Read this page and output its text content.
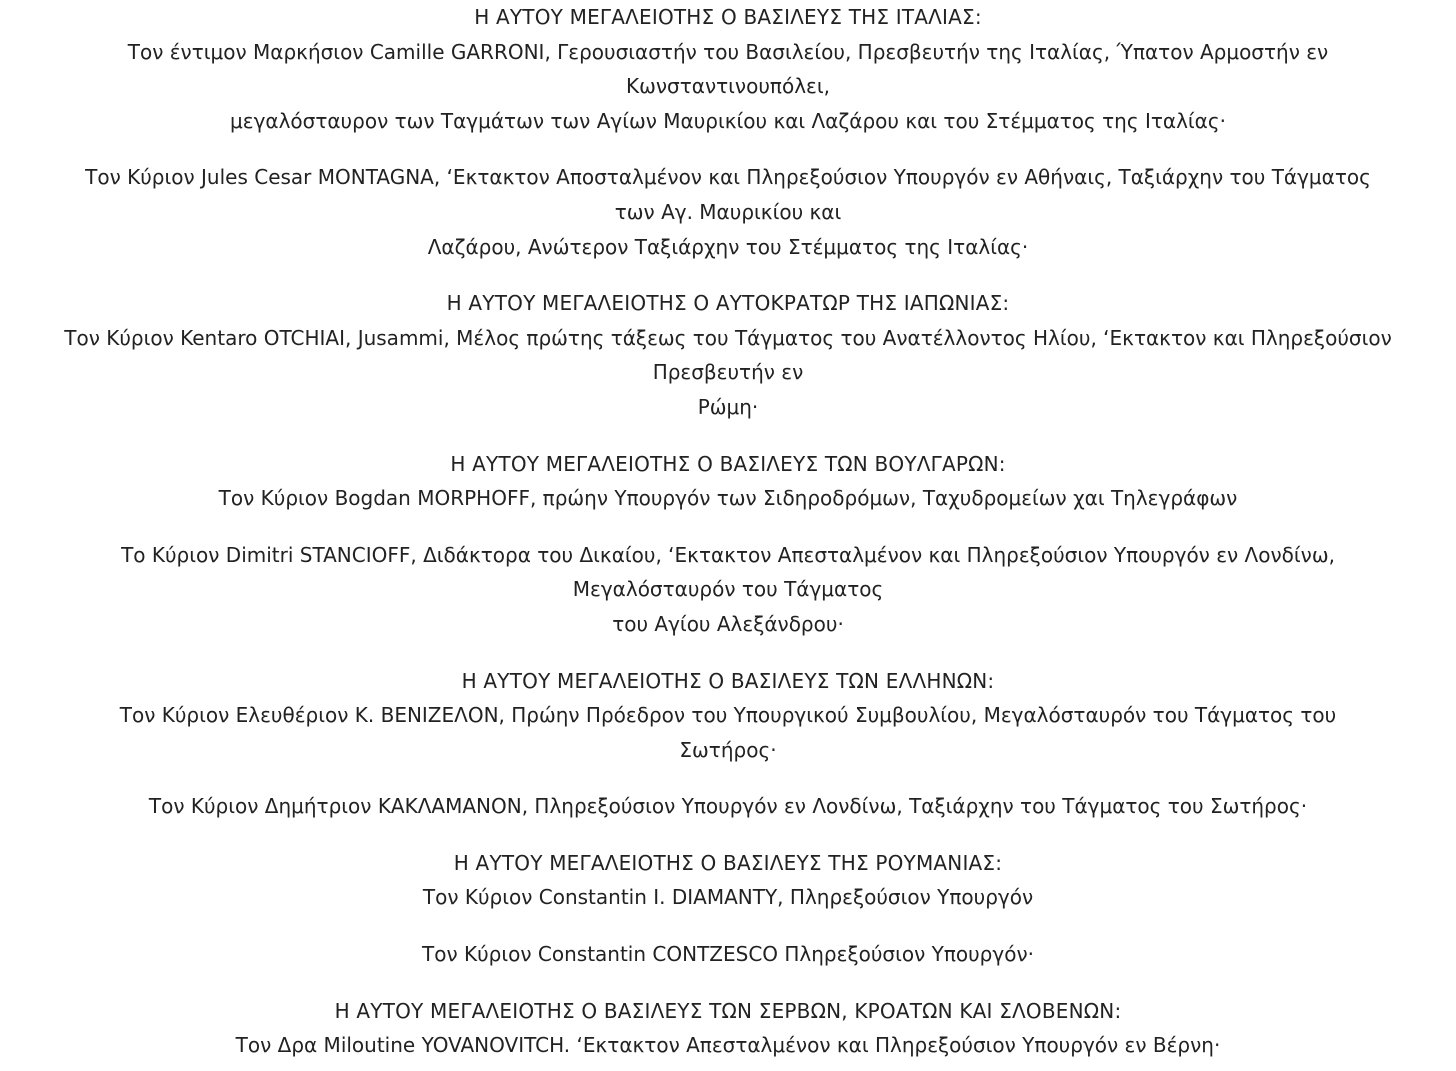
Η ΑΥΤΟΥ ΜΕΓΑΛΕΙΟΤΗΣ Ο ΒΑΣΙΛΕΥΣ ΤΗΣ ΙΤΑΛΙΑΣ:
Τον έντιμον Μαρκήσιον Camille GARRONI, Γερουσιαστήν του Βασιλείου, Πρεσβευτήν της Ιταλίας, Ύπατον Αρμοστήν εν
Κωνσταντινουπόλει,
μεγαλόσταυρον των Ταγμάτων των Αγίων Μαυρικίου και Λαζάρου και του Στέμματος της Ιταλίας·

Τον Κύριον Jules Cesar MONTAGNA, ‘Εκτακτον Αποσταλμένον και Πληρεξούσιον Υπουργόν εν Αθήναις, Ταξιάρχην του Τάγματος
των Αγ. Μαυρικίου και
Λαζάρου, Ανώτερον Ταξιάρχην του Στέμματος της Ιταλίας·

Η ΑΥΤΟΥ ΜΕΓΑΛΕΙΟΤΗΣ Ο ΑΥΤΟΚΡΑΤΩΡ ΤΗΣ ΙΑΠΩΝΙΑΣ:
Τον Κύριον Kentaro OTCHIAI, Jusammi, Μέλος πρώτης τάξεως του Τάγματος του Ανατέλλοντος Ηλίου, ‘Εκτακτον και Πληρεξούσιον
Πρεσβευτήν εν
Ρώμη·

Η ΑΥΤΟΥ ΜΕΓΑΛΕΙΟΤΗΣ Ο ΒΑΣΙΛΕΥΣ ΤΩΝ ΒΟΥΛΓΑΡΩΝ:
Τον Κύριον Bogdan MORPHOFF, πρώην Υπουργόν των Σιδηροδρόμων, Ταχυδρομείων χαι Τηλεγράφων

Το Κύριον Dimitri STANCIOFF, Διδάκτορα του Δικαίου, ‘Εκτακτον Απεσταλμένον και Πληρεξούσιον Υπουργόν εν Λονδίνω,
Μεγαλόσταυρόν του Τάγματος
του Αγίου Αλεξάνδρου·

Η ΑΥΤΟΥ ΜΕΓΑΛΕΙΟΤΗΣ Ο ΒΑΣΙΛΕΥΣ ΤΩΝ ΕΛΛΗΝΩΝ:
Τον Κύριον Ελευθέριον Κ. ΒΕΝΙΖΕΛΟΝ, Πρώην Πρόεδρον του Υπουργικού Συμβουλίου, Μεγαλόσταυρόν του Τάγματος του
Σωτήρος·

Τον Κύριον Δημήτριον ΚΑΚΛΑΜΑΝΟΝ, Πληρεξούσιον Υπουργόν εν Λονδίνω, Ταξιάρχην του Τάγματος του Σωτήρος·

Η ΑΥΤΟΥ ΜΕΓΑΛΕΙΟΤΗΣ Ο ΒΑΣΙΛΕΥΣ ΤΗΣ ΡΟΥΜΑΝΙΑΣ:
Τον Κύριον Constantin I. DIAMANTY, Πληρεξούσιον Υπουργόν

Τον Κύριον Constantin CONTZESCO Πληρεξούσιον Υπουργόν·

Η ΑΥΤΟΥ ΜΕΓΑΛΕΙΟΤΗΣ Ο ΒΑΣΙΛΕΥΣ ΤΩΝ ΣΕΡΒΩΝ, ΚΡΟΑΤΩΝ ΚΑΙ ΣΛΟΒΕΝΩΝ:
Τον Δρα Miloutine YOVANOVITCH. ‘Εκτακτον Απεσταλμένον και Πληρεξούσιον Υπουργόν εν Βέρνη·
